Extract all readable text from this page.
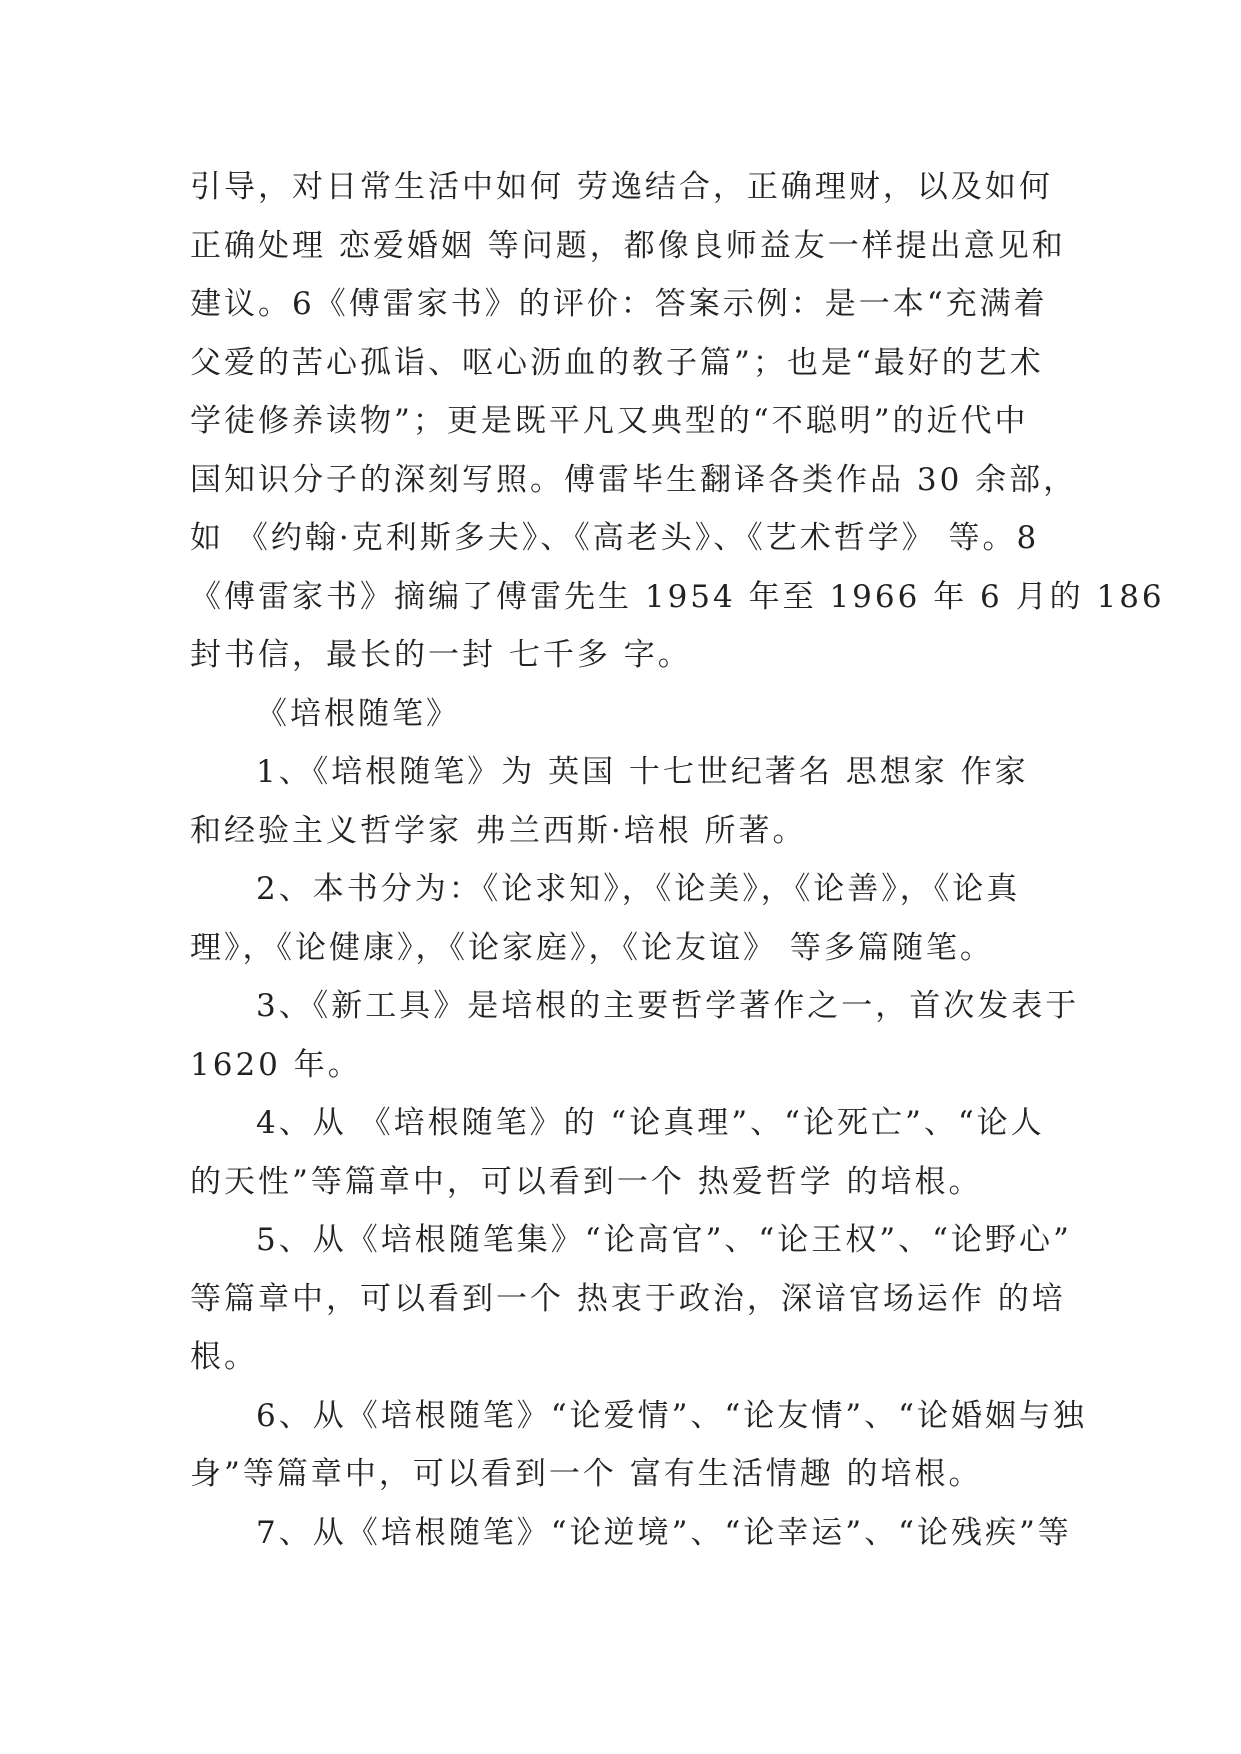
引导，对日常生活中如何 劳逸结合，正确理财，以及如何
正确处理 恋爱婚姻 等问题，都像良师益友一样提出意见和
建议。6《傅雷家书》的评价：答案示例：是一本“充满着
父爱的苦心孤诣、呕心沥血的教子篇”；也是“最好的艺术
学徒修养读物”；更是既平凡又典型的“不聪明”的近代中
国知识分子的深刻写照。傅雷毕生翻译各类作品 30 余部，
如 《约翰·克利斯多夫》、《高老头》、《艺术哲学》 等。8
《傅雷家书》摘编了傅雷先生 1954 年至 1966 年 6 月的 186
封书信，最长的一封 七千多 字。
《培根随笔》
1、《培根随笔》为 英国 十七世纪著名 思想家 作家
和经验主义哲学家 弗兰西斯·培根 所著。
2、本书分为：《论求知》，《论美》，《论善》，《论真
理》，《论健康》，《论家庭》，《论友谊》 等多篇随笔。
3、《新工具》是培根的主要哲学著作之一，首次发表于
1620 年。
4、从 《培根随笔》的 “论真理”、“论死亡”、“论人
的天性”等篇章中，可以看到一个 热爱哲学 的培根。
5、从《培根随笔集》“论高官”、“论王权”、“论野心”
等篇章中，可以看到一个 热衷于政治，深谙官场运作 的培
根。
6、从《培根随笔》“论爱情”、“论友情”、“论婚姻与独
身”等篇章中，可以看到一个 富有生活情趣 的培根。
7、从《培根随笔》“论逆境”、“论幸运”、“论残疾”等
